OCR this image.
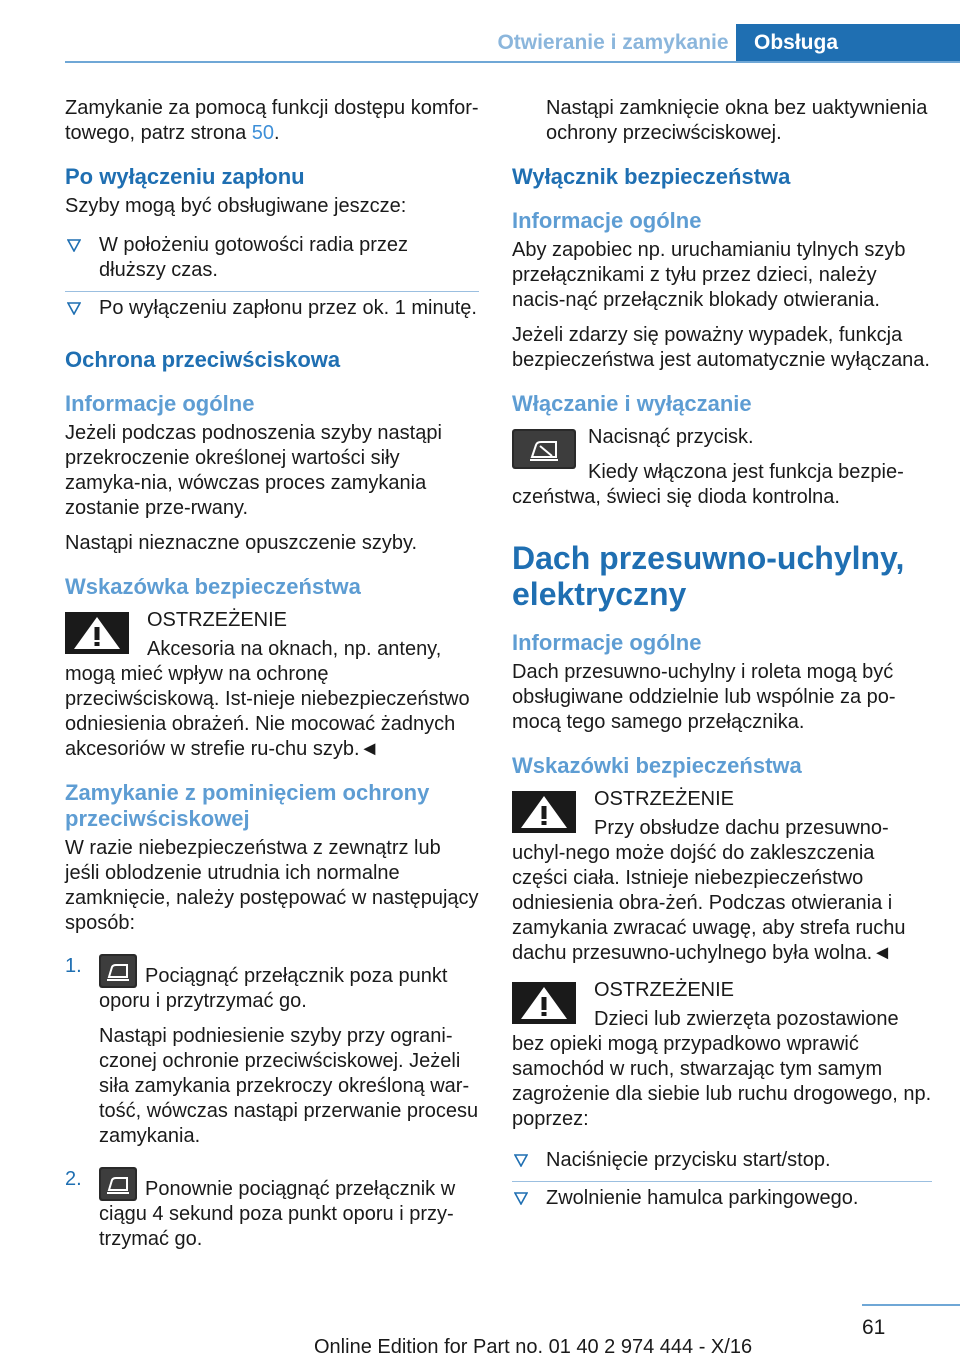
Otwieranie i zamykanie	Obsługa

Zamykanie za pomocą funkcji dostępu komfor-towego, patrz strona 50.

Po wyłączeniu zapłonu

Szyby mogą być obsługiwane jeszcze:

W położeniu gotowości radia przez dłuższy czas.
Po wyłączeniu zapłonu przez ok. 1 minutę.
Ochrona przeciwściskowa
Informacje ogólne

Jeżeli podczas podnoszenia szyby nastąpi przekroczenie określonej wartości siły zamyka-nia, wówczas proces zamykania zostanie prze-rwany.

Nastąpi nieznaczne opuszczenie szyby.

Wskazówka bezpieczeństwa

OSTRZEŻENIE

Akcesoria na oknach, np. anteny, mogą mieć wpływ na ochronę przeciwściskową. Ist-nieje niebezpieczeństwo odniesienia obrażeń. Nie mocować żadnych akcesoriów w strefie ru-chu szyb.◄

Zamykanie z pominięciem ochrony przeciwściskowej

W razie niebezpieczeństwa z zewnątrz lub jeśli oblodzenie utrudnia ich normalne zamknięcie, należy postępować w następujący sposób:

1.	Pociągnąć przełącznik poza punkt oporu i przytrzymać go.

Nastąpi podniesienie szyby przy ograni-czonej ochronie przeciwściskowej. Jeżeli siła zamykania przekroczy określoną war-tość, wówczas nastąpi przerwanie procesu zamykania.

2.	Ponownie pociągnąć przełącznik w ciągu 4 sekund poza punkt oporu i przy-trzymać go.

Nastąpi zamknięcie okna bez uaktywnienia ochrony przeciwściskowej.

Wyłącznik bezpieczeństwa
Informacje ogólne

Aby zapobiec np. uruchamianiu tylnych szyb przełącznikami z tyłu przez dzieci, należy nacis-nąć przełącznik blokady otwierania.

Jeżeli zdarzy się poważny wypadek, funkcja bezpieczeństwa jest automatycznie wyłączana.

Włączanie i wyłączanie

Nacisnąć przycisk.

Kiedy włączona jest funkcja bezpie-czeństwa, świeci się dioda kontrolna.

Dach przesuwno-uchylny, elektryczny
Informacje ogólne

Dach przesuwno-uchylny i roleta mogą być obsługiwane oddzielnie lub wspólnie za po-mocą tego samego przełącznika.

Wskazówki bezpieczeństwa

OSTRZEŻENIE

Przy obsłudze dachu przesuwno-uchyl-nego może dojść do zakleszczenia części ciała. Istnieje niebezpieczeństwo odniesienia obra-żeń. Podczas otwierania i zamykania zwracać uwagę, aby strefa ruchu dachu przesuwno-uchylnego była wolna.◄

OSTRZEŻENIE

Dzieci lub zwierzęta pozostawione bez opieki mogą przypadkowo wprawić samochód w ruch, stwarzając tym samym zagrożenie dla siebie lub ruchu drogowego, np. poprzez:

Naciśnięcie przycisku start/stop.
Zwolnienie hamulca parkingowego.
61
Online Edition for Part no. 01 40 2 974 444 - X/16
